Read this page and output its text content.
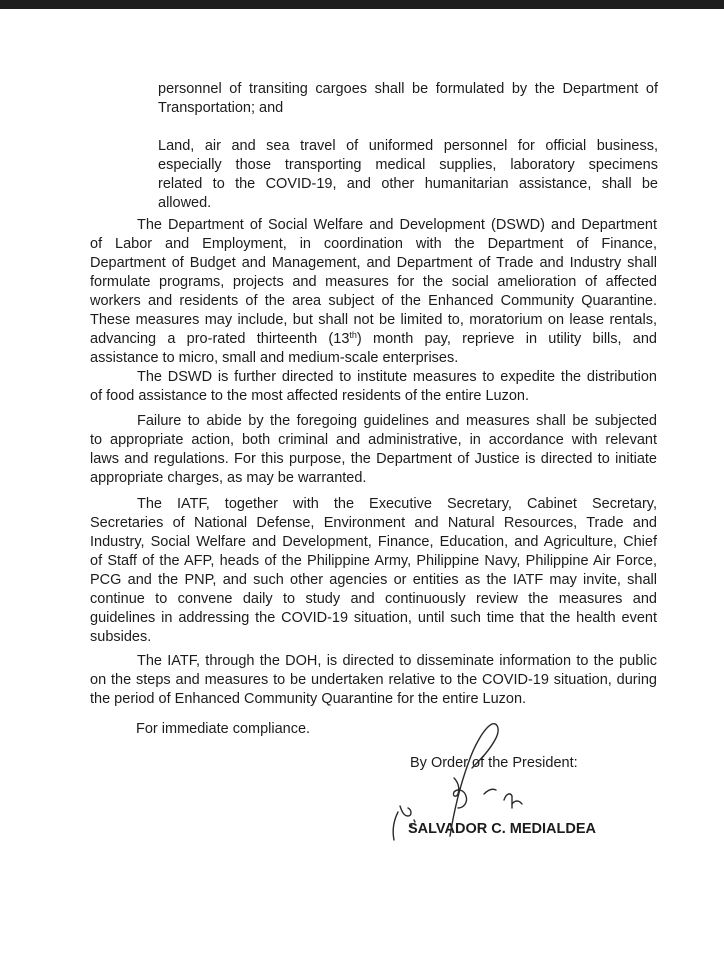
personnel of transiting cargoes shall be formulated by the Department of
Transportation; and

Land, air and sea travel of uniformed personnel for official business,
especially those transporting medical supplies, laboratory specimens
related to the COVID-19, and other humanitarian assistance, shall be
allowed.

The Department of Social Welfare and Development (DSWD) and Department
of Labor and Employment, in coordination with the Department of Finance,
Department of Budget and Management, and Department of Trade and Industry shall
formulate programs, projects and measures for the social amelioration of affected
workers and residents of the area subject of the Enhanced Community Quarantine.
These measures may include, but shall not be limited to, moratorium on lease rentals,
advancing a pro-rated thirteenth (13th) month pay, reprieve in utility bills, and
assistance to micro, small and medium-scale enterprises.

The DSWD is further directed to institute measures to expedite the distribution
of food assistance to the most affected residents of the entire Luzon.

Failure to abide by the foregoing guidelines and measures shall be subjected
to appropriate action, both criminal and administrative, in accordance with relevant
laws and regulations. For this purpose, the Department of Justice is directed to initiate
appropriate charges, as may be warranted.

The IATF, together with the Executive Secretary, Cabinet Secretary,
Secretaries of National Defense, Environment and Natural Resources, Trade and
Industry, Social Welfare and Development, Finance, Education, and Agriculture, Chief
of Staff of the AFP, heads of the Philippine Army, Philippine Navy, Philippine Air Force,
PCG and the PNP, and such other agencies or entities as the IATF may invite, shall
continue to convene daily to study and continuously review the measures and
guidelines in addressing the COVID-19 situation, until such time that the health event
subsides.

The IATF, through the DOH, is directed to disseminate information to the public
on the steps and measures to be undertaken relative to the COVID-19 situation, during
the period of Enhanced Community Quarantine for the entire Luzon.

For immediate compliance.

By Order of the President:

SALVADOR C. MEDIALDEA
